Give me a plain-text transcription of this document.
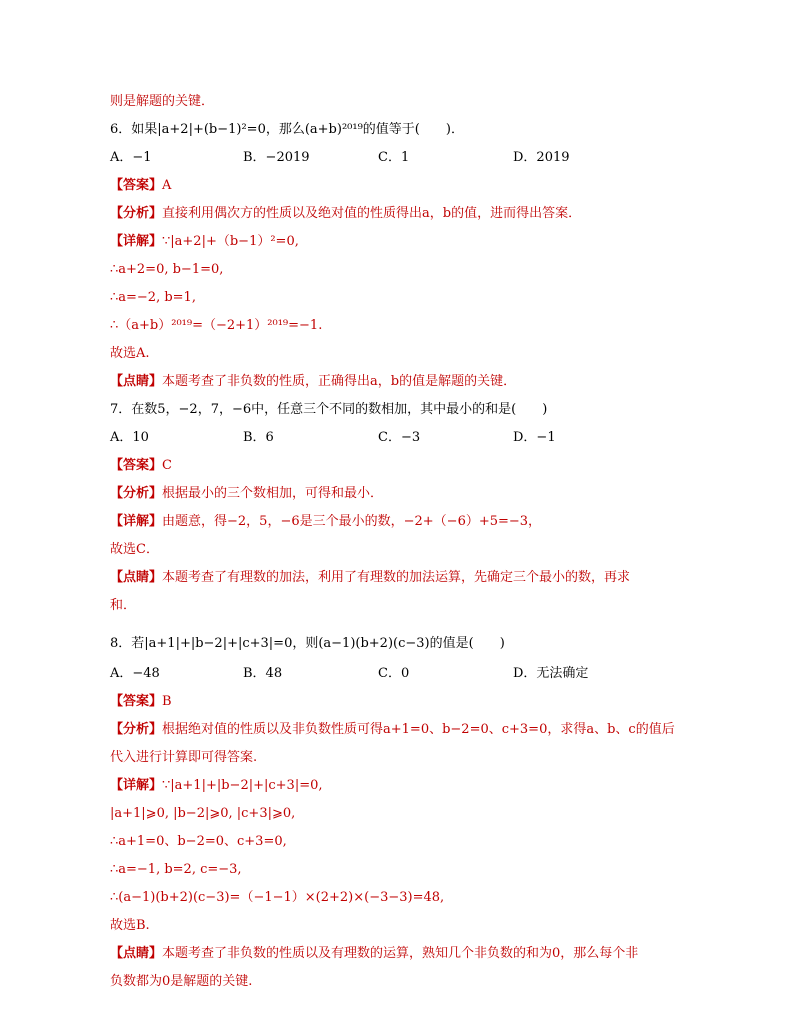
则是解题的关键．
6．如果|a+2|+(b−1)²=0，那么(a+b)²⁰¹⁹的值等于(　　)．
A．−1	B．−2019	C．1	D．2019
【答案】A
【分析】直接利用偶次方的性质以及绝对值的性质得出a，b的值，进而得出答案．
【详解】∵|a+2|+（b−1）²=0,
∴a+2=0, b−1=0,
∴a=−2, b=1,
∴（a+b）²⁰¹⁹=（−2+1）²⁰¹⁹=−1.
故选A.
【点睛】本题考查了非负数的性质，正确得出a，b的值是解题的关键．
7．在数5，−2，7，−6中，任意三个不同的数相加，其中最小的和是(　　)
A．10	B．6	C．−3	D．−1
【答案】C
【分析】根据最小的三个数相加，可得和最小．
【详解】由题意，得−2，5，−6是三个最小的数，−2+（−6）+5=−3，
故选C．
【点睛】本题考查了有理数的加法，利用了有理数的加法运算，先确定三个最小的数，再求
和．
8．若|a+1|+|b−2|+|c+3|=0，则(a−1)(b+2)(c−3)的值是(　　)
A．−48	B．48	C．0	D．无法确定
【答案】B
【分析】根据绝对值的性质以及非负数性质可得a+1=0、b−2=0、c+3=0，求得a、b、c的值后
代入进行计算即可得答案.
【详解】∵|a+1|+|b−2|+|c+3|=0,
|a+1|⩾0, |b−2|⩾0, |c+3|⩾0,
∴a+1=0、b−2=0、c+3=0,
∴a=−1, b=2, c=−3,
∴(a−1)(b+2)(c−3)=（−1−1）×(2+2)×(−3−3)=48,
故选B.
【点睛】本题考查了非负数的性质以及有理数的运算，熟知几个非负数的和为0，那么每个非
负数都为0是解题的关键.
